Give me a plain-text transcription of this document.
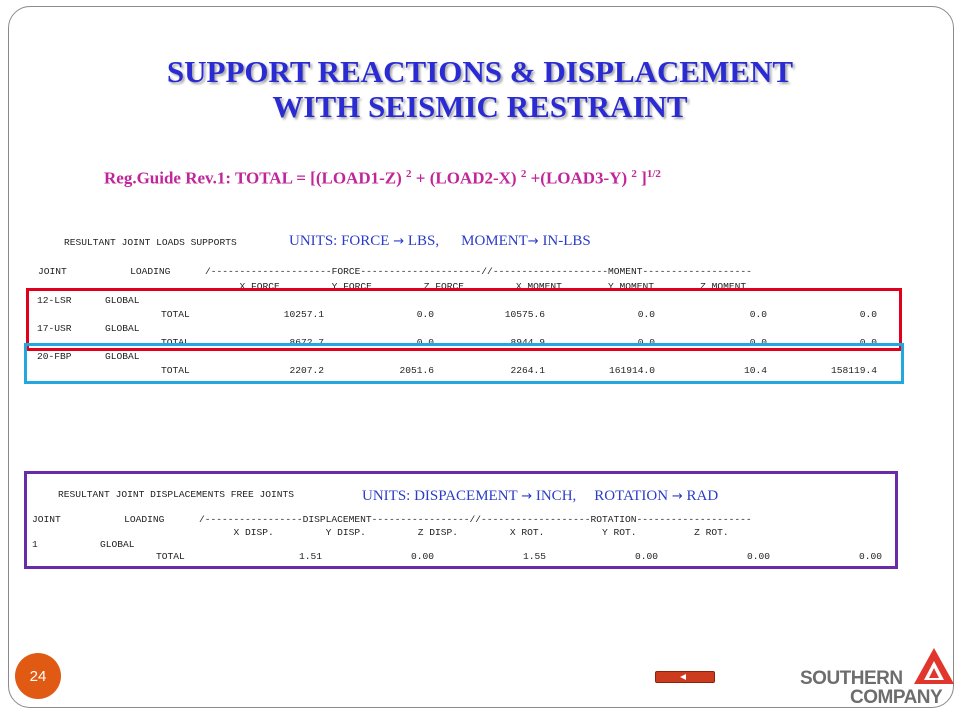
SUPPORT REACTIONS & DISPLACEMENT
WITH SEISMIC RESTRAINT
Reg.Guide Rev.1: TOTAL = [(LOAD1-Z) $^2$ + (LOAD2-X) $^2$ +(LOAD3-Y) $^2$ ]$^{1/2}$
RESULTANT JOINT LOADS SUPPORTS	UNITS: FORCE → LBS, MOMENT→ IN-LBS
JOINT           LOADING      /---------------------FORCE---------------------//--------------------MOMENT-------------------
X FORCE         Y FORCE         Z FORCE         X MOMENT        Y MOMENT        Z MOMENT
12-LSR	GLOBAL
TOTAL	10257.1	0.0	10575.6	0.0	0.0	0.0
17-USR	GLOBAL
TOTAL	8672.7	0.0	8944.9	0.0	0.0	0.0
20-FBP	GLOBAL
TOTAL	2207.2	2051.6	2264.1	161914.0	10.4	158119.4
RESULTANT JOINT DISPLACEMENTS FREE JOINTS	UNITS: DISPACEMENT → INCH, ROTATION → RAD
JOINT           LOADING      /-----------------DISPLACEMENT-----------------//-------------------ROTATION--------------------
X DISP.         Y DISP.         Z DISP.         X ROT.          Y ROT.          Z ROT.
1	GLOBAL
TOTAL	1.51	0.00	1.55	0.00	0.00	0.00
24	SOUTHERN
COMPANY
